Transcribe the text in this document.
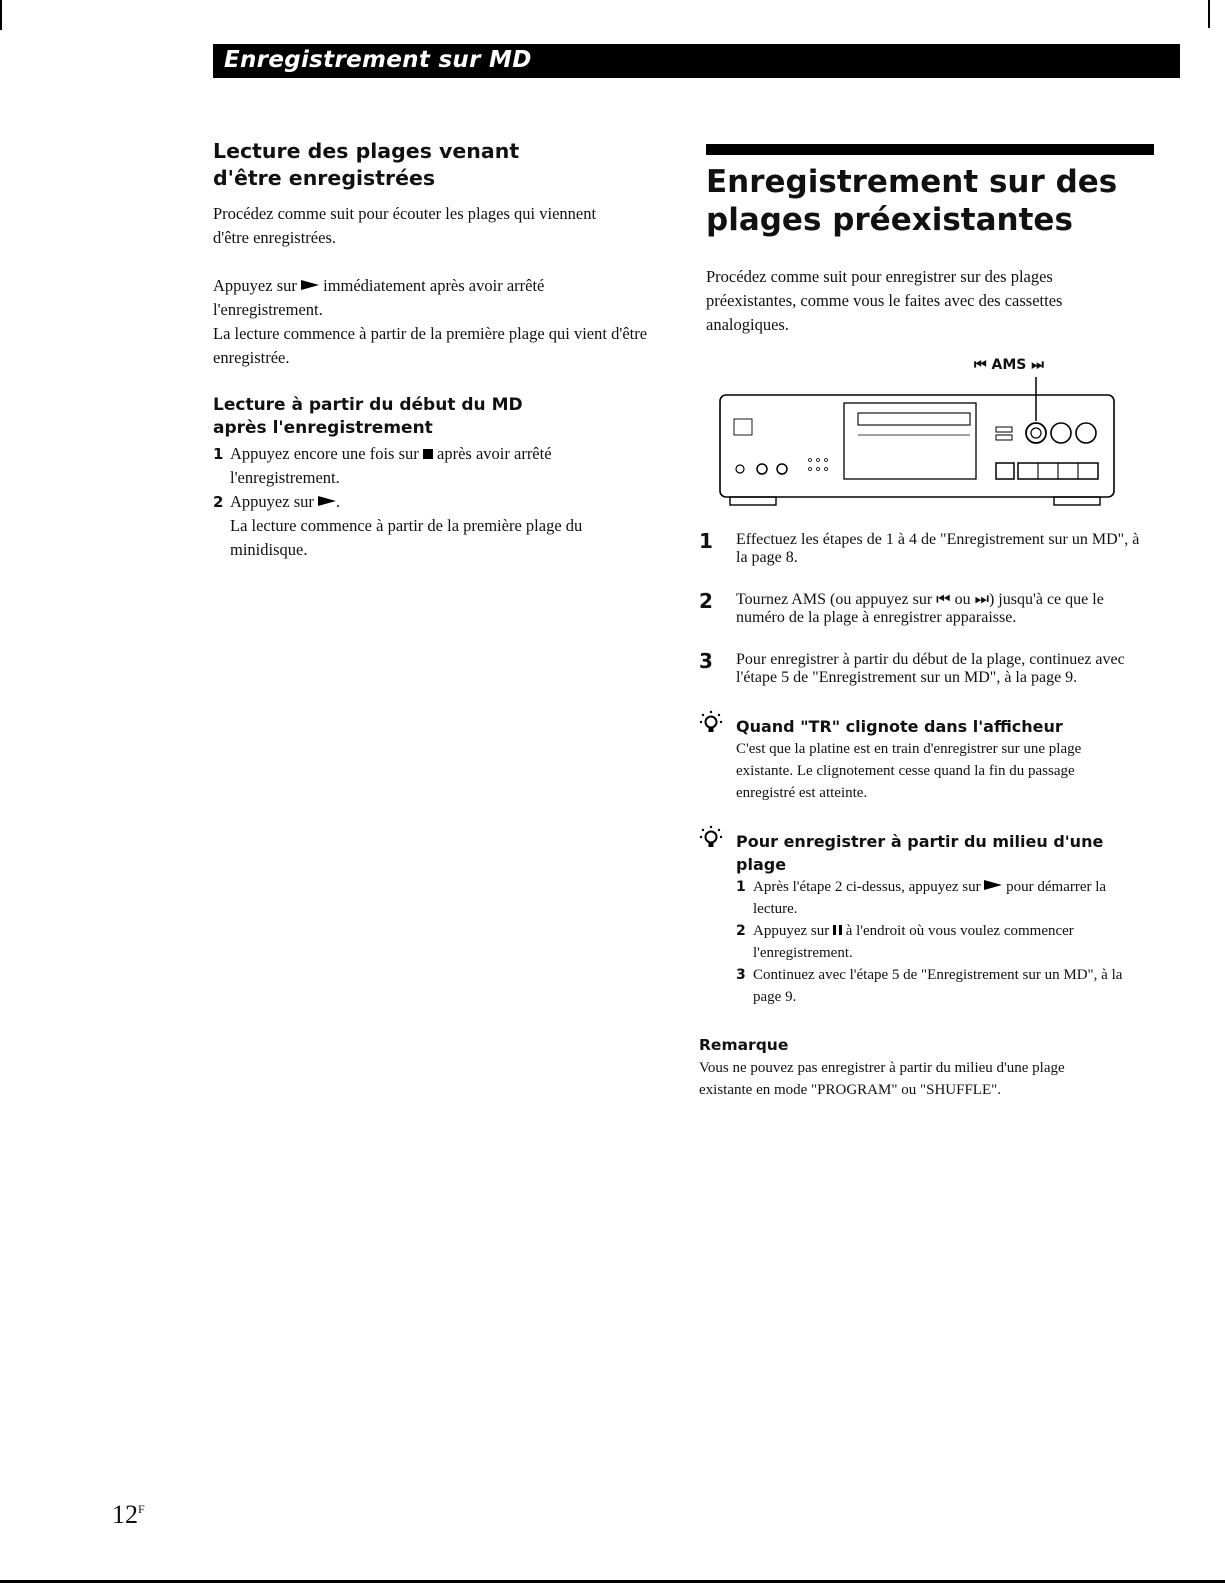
Enregistrement sur MD
Lecture des plages venant d'être enregistrées

Procédez comme suit pour écouter les plages qui viennent d'être enregistrées.

Appuyez sur immédiatement après avoir arrêté l'enregistrement.

La lecture commence à partir de la première plage qui vient d'être enregistrée.

Lecture à partir du début du MD après l'enregistrement
1 Appuyez encore une fois sur après avoir arrêté l'enregistrement.
2 Appuyez sur .
La lecture commence à partir de la première plage du minidisque.
Enregistrement sur des plages préexistantes

Procédez comme suit pour enregistrer sur des plages préexistantes, comme vous le faites avec des cassettes analogiques.

⏮ AMS ⏭
1 Effectuez les étapes de 1 à 4 de "Enregistrement sur un MD", à la page 8.
2 Tournez AMS (ou appuyez sur ⏮ ou ⏭) jusqu'à ce que le numéro de la plage à enregistrer apparaisse.
3 Pour enregistrer à partir du début de la plage, continuez avec l'étape 5 de "Enregistrement sur un MD", à la page 9.
Quand "TR" clignote dans l'afficheur
C'est que la platine est en train d'enregistrer sur une plage existante. Le clignotement cesse quand la fin du passage enregistré est atteinte.
Pour enregistrer à partir du milieu d'une plage
1 Après l'étape 2 ci-dessus, appuyez sur pour démarrer la lecture.
2 Appuyez sur à l'endroit où vous voulez commencer l'enregistrement.
3 Continuez avec l'étape 5 de "Enregistrement sur un MD", à la page 9.
Remarque
Vous ne pouvez pas enregistrer à partir du milieu d'une plage existante en mode "PROGRAM" ou "SHUFFLE".
$12^F$
